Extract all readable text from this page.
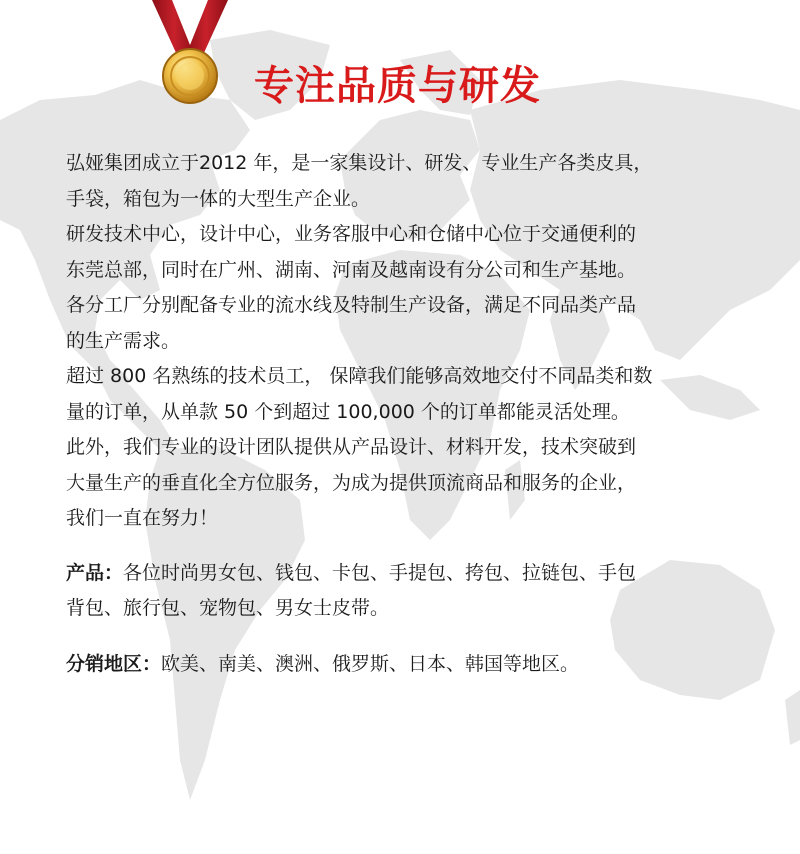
专注品质与研发

弘娅集团成立于2012 年，是一家集设计、研发、专业生产各类皮具，

手袋，箱包为一体的大型生产企业。

研发技术中心，设计中心，业务客服中心和仓储中心位于交通便利的

东莞总部，同时在广州、湖南、河南及越南设有分公司和生产基地。

各分工厂分别配备专业的流水线及特制生产设备，满足不同品类产品

的生产需求。

超过 800 名熟练的技术员工， 保障我们能够高效地交付不同品类和数

量的订单，从单款 50 个到超过 100,000 个的订单都能灵活处理。

此外，我们专业的设计团队提供从产品设计、材料开发，技术突破到

大量生产的垂直化全方位服务，为成为提供顶流商品和服务的企业，

我们一直在努力！

产品：各位时尚男女包、钱包、卡包、手提包、挎包、拉链包、手包

背包、旅行包、宠物包、男女士皮带。

分销地区：欧美、南美、澳洲、俄罗斯、日本、韩国等地区。
